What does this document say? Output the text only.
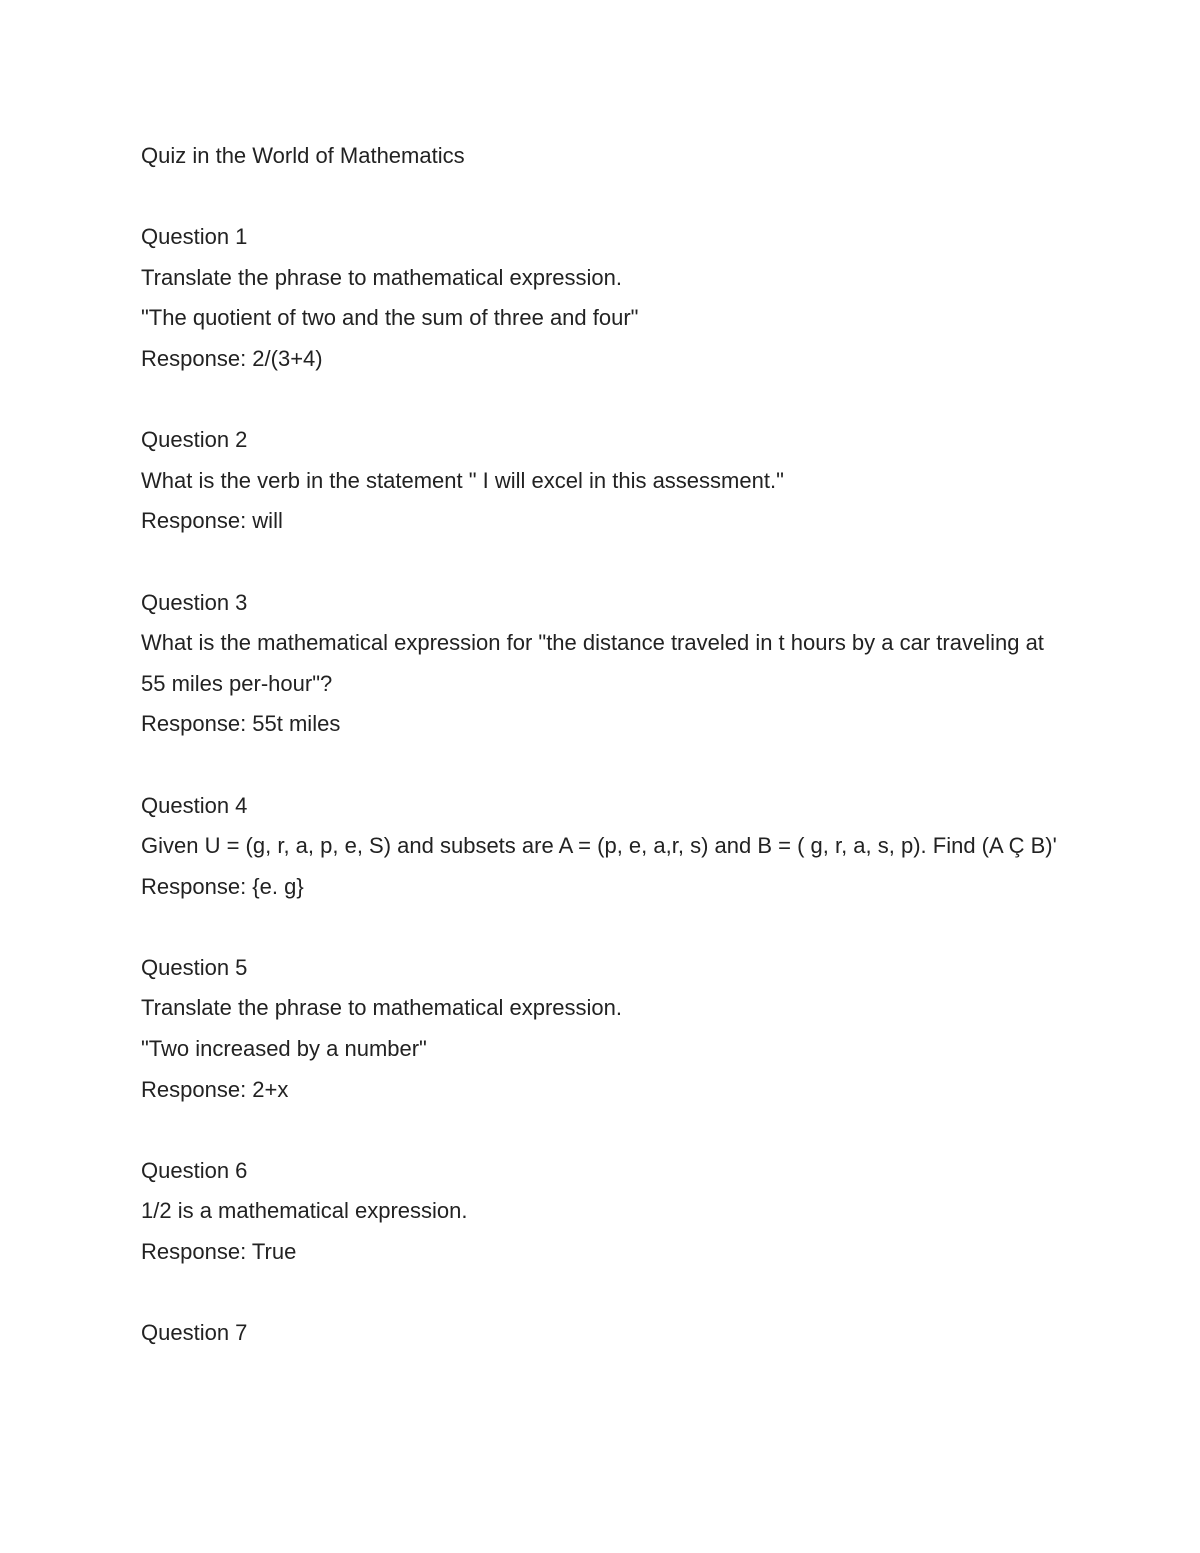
Quiz in the World of Mathematics
Question 1
Translate the phrase to mathematical expression.
"The quotient of two and the sum of three and four"
Response: 2/(3+4)
Question 2
What is the verb in the statement " I will excel in this assessment."
Response: will
Question 3
What is the mathematical expression for "the distance traveled in t hours by a car traveling at 55 miles per-hour"?
Response: 55t miles
Question 4
Given U = (g, r, a, p, e, S) and subsets are A = (p, e, a,r, s) and B = ( g, r, a, s, p). Find (A Ç B)'
Response: {e. g}
Question 5
Translate the phrase to mathematical expression.
"Two increased by a number"
Response: 2+x
Question 6
1/2 is a mathematical expression.
Response: True
Question 7
